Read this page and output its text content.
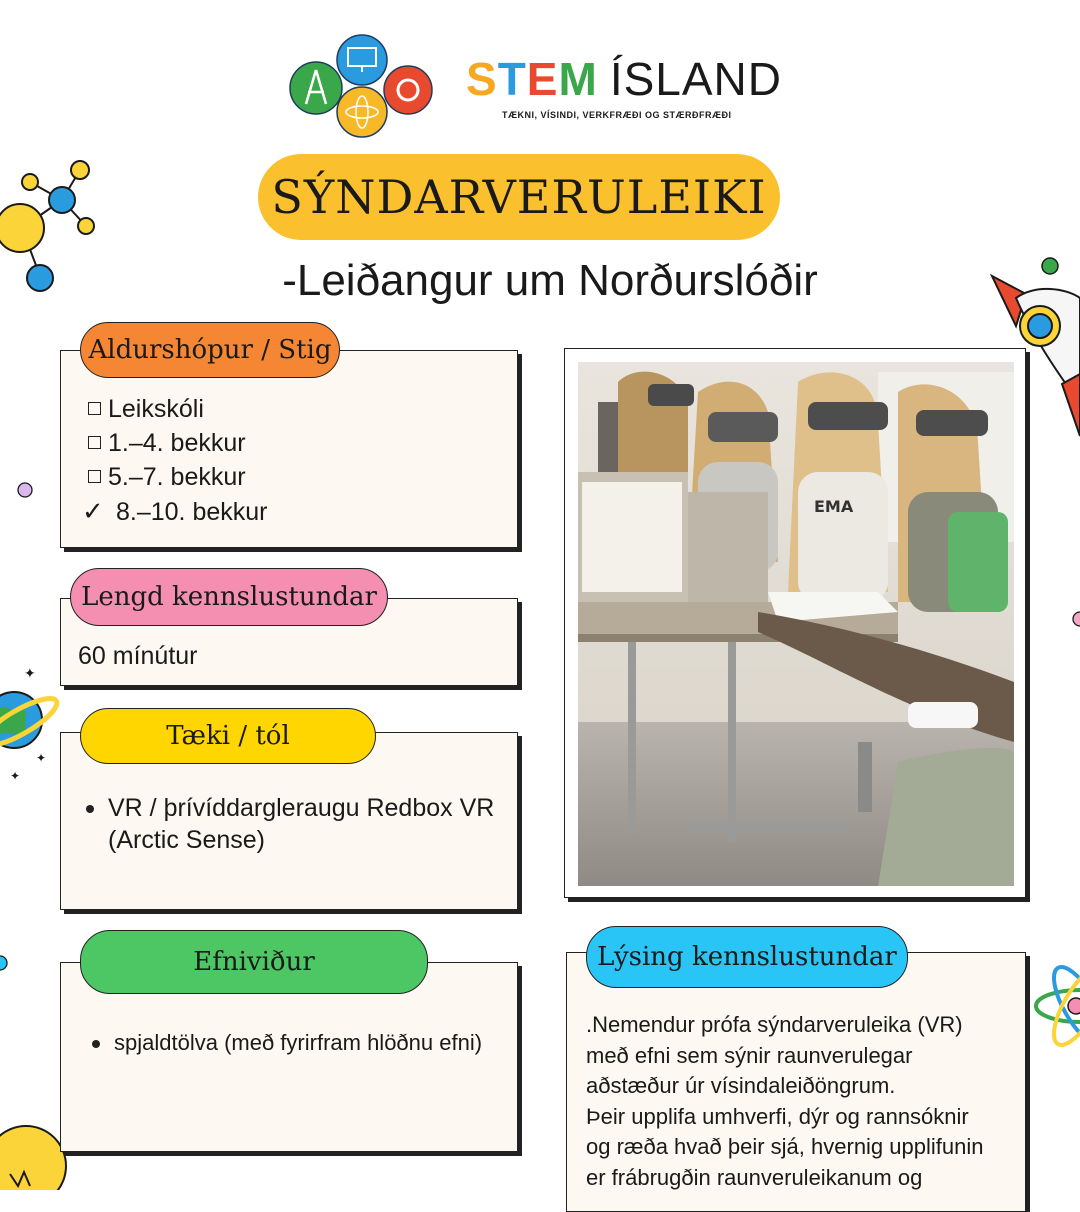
✦
✦
✦
STEM ÍSLAND
TÆKNI, VÍSINDI, VERKFRÆÐI OG STÆRÐFRÆÐI
SÝNDARVERULEIKI
-Leiðangur um Norðurslóðir
Aldurshópur / Stig
Leikskóli
1.–4. bekkur
5.–7. bekkur
✓ 8.–10. bekkur
Lengd kennslustundar
60 mínútur
Tæki / tól
VR / þrívíddargleraugu Redbox VR (Arctic Sense)
Efniviður
spjaldtölva (með fyrirfram hlöðnu efni)
EMA
Lýsing kennslustundar
.Nemendur prófa sýndarveruleika (VR)
með efni sem sýnir raunverulegar
aðstæður úr vísindaleiðöngrum.
Þeir upplifa umhverfi, dýr og rannsóknir
og ræða hvað þeir sjá, hvernig upplifunin
er frábrugðin raunveruleikanum og
